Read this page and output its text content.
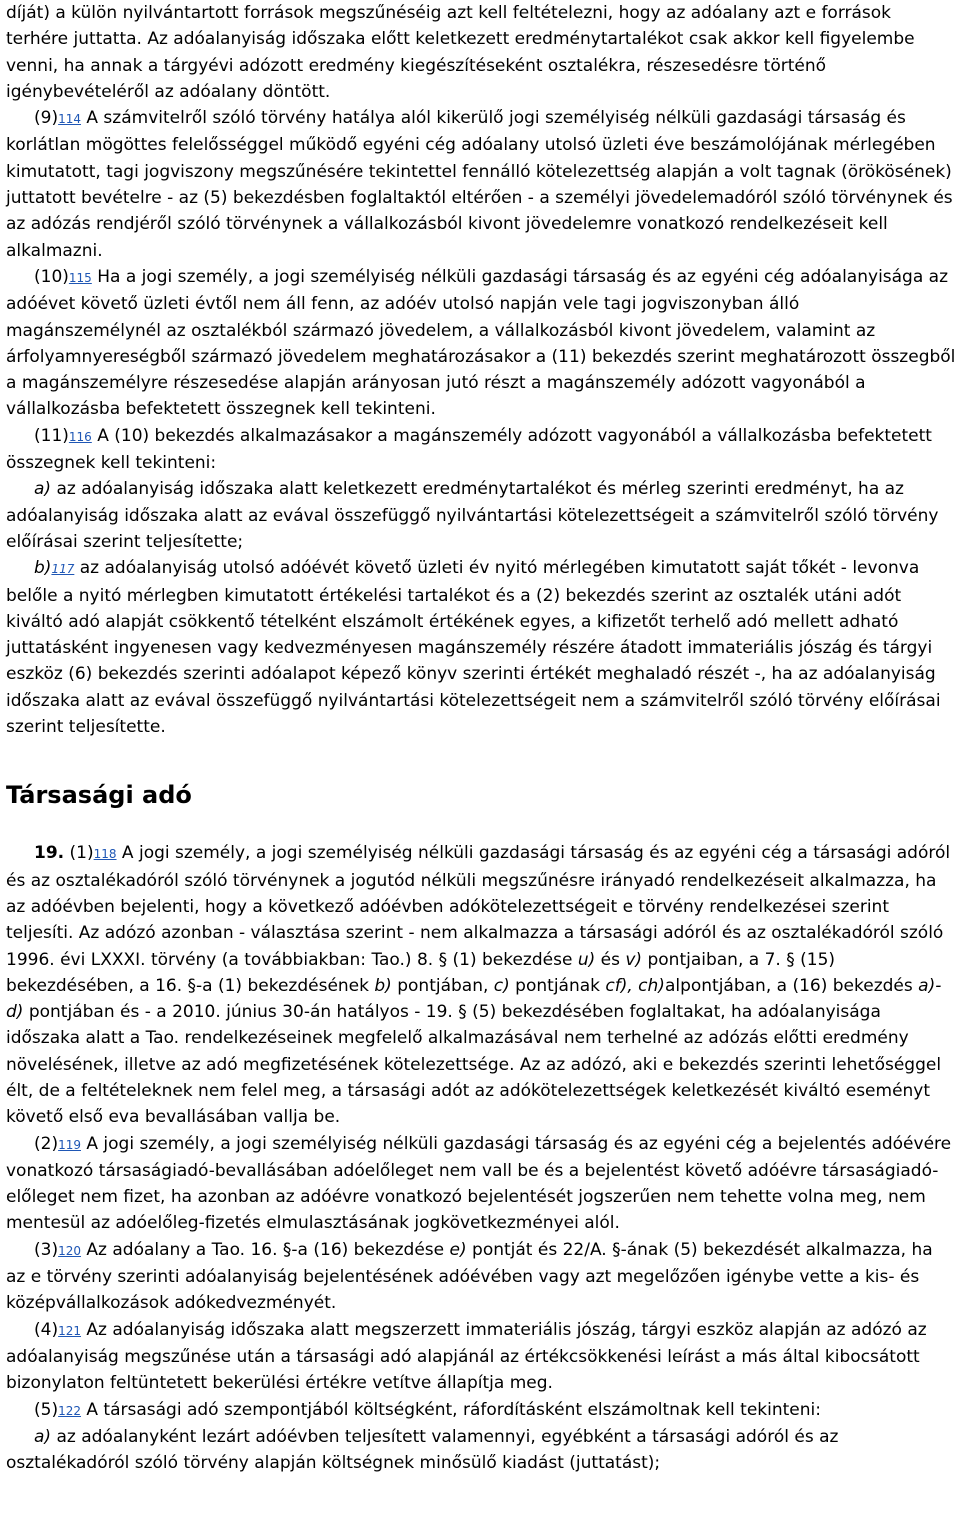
díját) a külön nyilvántartott források megszűnéséig azt kell feltételezni, hogy az adóalany azt e források terhére juttatta. Az adóalanyiság időszaka előtt keletkezett eredménytartalékot csak akkor kell figyelembe venni, ha annak a tárgyévi adózott eredmény kiegészítéseként osztalékra, részesedésre történő igénybevételéről az adóalany döntött.

(9)114 A számvitelről szóló törvény hatálya alól kikerülő jogi személyiség nélküli gazdasági társaság és korlátlan mögöttes felelősséggel működő egyéni cég adóalany utolsó üzleti éve beszámolójának mérlegében kimutatott, tagi jogviszony megszűnésére tekintettel fennálló kötelezettség alapján a volt tagnak (örökösének) juttatott bevételre - az (5) bekezdésben foglaltaktól eltérően - a személyi jövedelemadóról szóló törvénynek és az adózás rendjéről szóló törvénynek a vállalkozásból kivont jövedelemre vonatkozó rendelkezéseit kell alkalmazni.

(10)115 Ha a jogi személy, a jogi személyiség nélküli gazdasági társaság és az egyéni cég adóalanyisága az adóévet követő üzleti évtől nem áll fenn, az adóév utolsó napján vele tagi jogviszonyban álló magánszemélynél az osztalékból származó jövedelem, a vállalkozásból kivont jövedelem, valamint az árfolyamnyereségből származó jövedelem meghatározásakor a (11) bekezdés szerint meghatározott összegből a magánszemélyre részesedése alapján arányosan jutó részt a magánszemély adózott vagyonából a vállalkozásba befektetett összegnek kell tekinteni.

(11)116 A (10) bekezdés alkalmazásakor a magánszemély adózott vagyonából a vállalkozásba befektetett összegnek kell tekinteni:

a) az adóalanyiság időszaka alatt keletkezett eredménytartalékot és mérleg szerinti eredményt, ha az adóalanyiság időszaka alatt az evával összefüggő nyilvántartási kötelezettségeit a számvitelről szóló törvény előírásai szerint teljesítette;

b)117 az adóalanyiság utolsó adóévét követő üzleti év nyitó mérlegében kimutatott saját tőkét - levonva belőle a nyitó mérlegben kimutatott értékelési tartalékot és a (2) bekezdés szerint az osztalék utáni adót kiváltó adó alapját csökkentő tételként elszámolt értékének egyes, a kifizetőt terhelő adó mellett adható juttatásként ingyenesen vagy kedvezményesen magánszemély részére átadott immateriális jószág és tárgyi eszköz (6) bekezdés szerinti adóalapot képező könyv szerinti értékét meghaladó részét -, ha az adóalanyiság időszaka alatt az evával összefüggő nyilvántartási kötelezettségeit nem a számvitelről szóló törvény előírásai szerint teljesítette.

Társasági adó

19. (1)118 A jogi személy, a jogi személyiség nélküli gazdasági társaság és az egyéni cég a társasági adóról és az osztalékadóról szóló törvénynek a jogutód nélküli megszűnésre irányadó rendelkezéseit alkalmazza, ha az adóévben bejelenti, hogy a következő adóévben adókötelezettségeit e törvény rendelkezései szerint teljesíti. Az adózó azonban - választása szerint - nem alkalmazza a társasági adóról és az osztalékadóról szóló 1996. évi LXXXI. törvény (a továbbiakban: Tao.) 8. § (1) bekezdése u) és v) pontjaiban, a 7. § (15) bekezdésében, a 16. §-a (1) bekezdésének b) pontjában, c) pontjának cf), ch)alpontjában, a (16) bekezdés a)-d) pontjában és - a 2010. június 30-án hatályos - 19. § (5) bekezdésében foglaltakat, ha adóalanyisága időszaka alatt a Tao. rendelkezéseinek megfelelő alkalmazásával nem terhelné az adózás előtti eredmény növelésének, illetve az adó megfizetésének kötelezettsége. Az az adózó, aki e bekezdés szerinti lehetőséggel élt, de a feltételeknek nem felel meg, a társasági adót az adókötelezettségek keletkezését kiváltó eseményt követő első eva bevallásában vallja be.

(2)119 A jogi személy, a jogi személyiség nélküli gazdasági társaság és az egyéni cég a bejelentés adóévére vonatkozó társaságiadó-bevallásában adóelőleget nem vall be és a bejelentést követő adóévre társaságiadó-előleget nem fizet, ha azonban az adóévre vonatkozó bejelentését jogszerűen nem tehette volna meg, nem mentesül az adóelőleg-fizetés elmulasztásának jogkövetkezményei alól.

(3)120 Az adóalany a Tao. 16. §-a (16) bekezdése e) pontját és 22/A. §-ának (5) bekezdését alkalmazza, ha az e törvény szerinti adóalanyiság bejelentésének adóévében vagy azt megelőzően igénybe vette a kis- és középvállalkozások adókedvezményét.

(4)121 Az adóalanyiság időszaka alatt megszerzett immateriális jószág, tárgyi eszköz alapján az adózó az adóalanyiság megszűnése után a társasági adó alapjánál az értékcsökkenési leírást a más által kibocsátott bizonylaton feltüntetett bekerülési értékre vetítve állapítja meg.

(5)122 A társasági adó szempontjából költségként, ráfordításként elszámoltnak kell tekinteni:

a) az adóalanyként lezárt adóévben teljesített valamennyi, egyébként a társasági adóról és az osztalékadóról szóló törvény alapján költségnek minősülő kiadást (juttatást);
